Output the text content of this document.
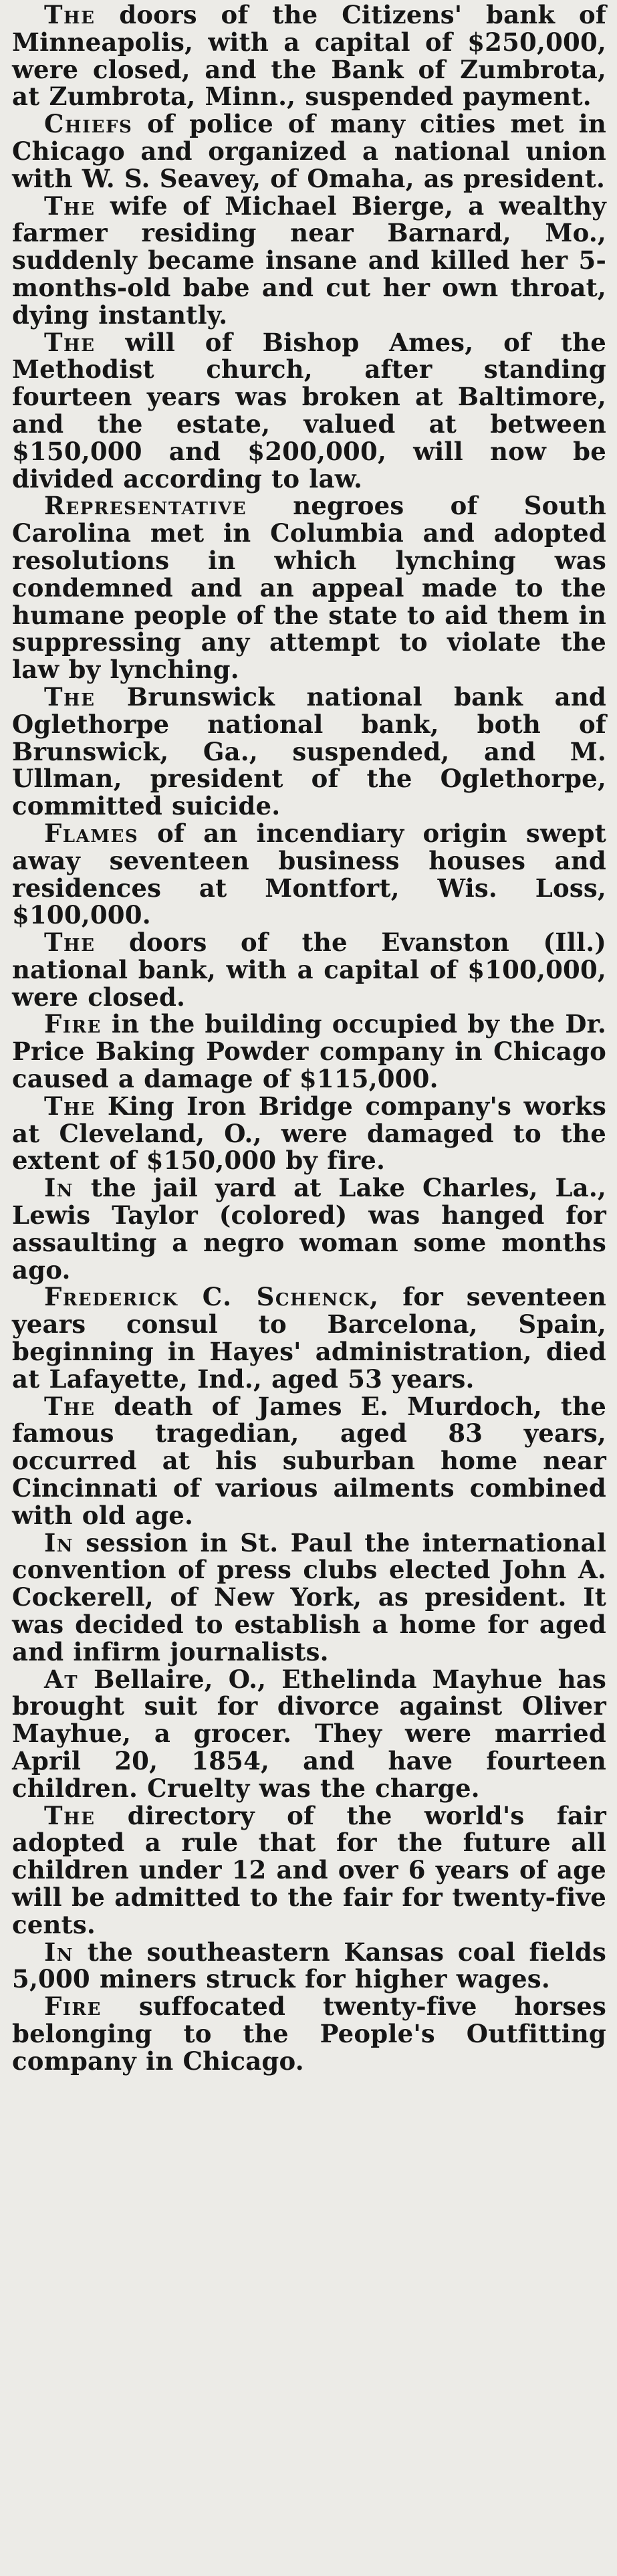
The doors of the Citizens' bank of Minneapolis, with a capital of $250,000, were closed, and the Bank of Zumbrota, at Zumbrota, Minn., suspended payment.

Chiefs of police of many cities met in Chicago and organized a national union with W. S. Seavey, of Omaha, as president.

The wife of Michael Bierge, a wealthy farmer residing near Barnard, Mo., suddenly became insane and killed her 5-months-old babe and cut her own throat, dying instantly.

The will of Bishop Ames, of the Methodist church, after standing fourteen years was broken at Baltimore, and the estate, valued at between $150,000 and $200,000, will now be divided according to law.

Representative negroes of South Carolina met in Columbia and adopted resolutions in which lynching was condemned and an appeal made to the humane people of the state to aid them in suppressing any attempt to violate the law by lynching.

The Brunswick national bank and Oglethorpe national bank, both of Brunswick, Ga., suspended, and M. Ullman, president of the Oglethorpe, committed suicide.

Flames of an incendiary origin swept away seventeen business houses and residences at Montfort, Wis. Loss, $100,000.

The doors of the Evanston (Ill.) national bank, with a capital of $100,000, were closed.

Fire in the building occupied by the Dr. Price Baking Powder company in Chicago caused a damage of $115,000.

The King Iron Bridge company's works at Cleveland, O., were damaged to the extent of $150,000 by fire.

In the jail yard at Lake Charles, La., Lewis Taylor (colored) was hanged for assaulting a negro woman some months ago.

Frederick C. Schenck, for seventeen years consul to Barcelona, Spain, beginning in Hayes' administration, died at Lafayette, Ind., aged 53 years.

The death of James E. Murdoch, the famous tragedian, aged 83 years, occurred at his suburban home near Cincinnati of various ailments combined with old age.

In session in St. Paul the international convention of press clubs elected John A. Cockerell, of New York, as president. It was decided to establish a home for aged and infirm journalists.

At Bellaire, O., Ethelinda Mayhue has brought suit for divorce against Oliver Mayhue, a grocer. They were married April 20, 1854, and have fourteen children. Cruelty was the charge.

The directory of the world's fair adopted a rule that for the future all children under 12 and over 6 years of age will be admitted to the fair for twenty-five cents.

In the southeastern Kansas coal fields 5,000 miners struck for higher wages.

Fire suffocated twenty-five horses belonging to the People's Outfitting company in Chicago.
